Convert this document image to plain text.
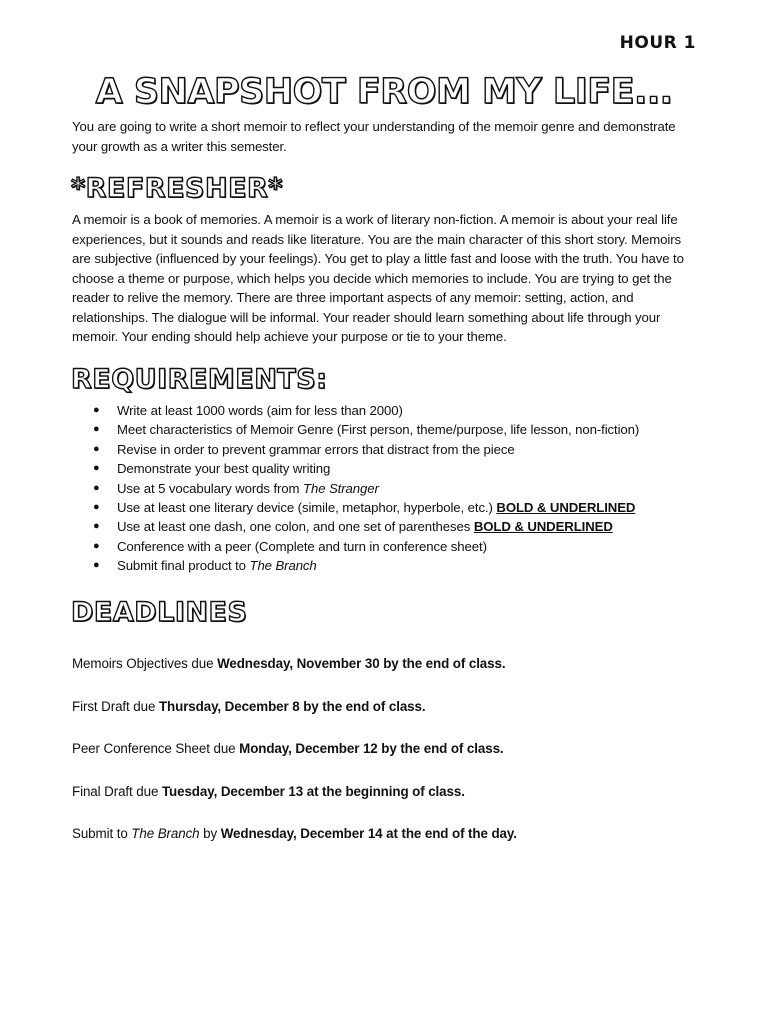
HOUR 1
A SNAPSHOT FROM MY LIFE...
You are going to write a short memoir to reflect your understanding of the memoir genre and demonstrate your growth as a writer this semester.
*REFRESHER*
A memoir is a book of memories. A memoir is a work of literary non-fiction. A memoir is about your real life experiences, but it sounds and reads like literature. You are the main character of this short story. Memoirs are subjective (influenced by your feelings). You get to play a little fast and loose with the truth. You have to choose a theme or purpose, which helps you decide which memories to include. You are trying to get the reader to relive the memory. There are three important aspects of any memoir: setting, action, and relationships. The dialogue will be informal. Your reader should learn something about life through your memoir. Your ending should help achieve your purpose or tie to your theme.
REQUIREMENTS:
● Write at least 1000 words (aim for less than 2000)
● Meet characteristics of Memoir Genre (First person, theme/purpose, life lesson, non-fiction)
● Revise in order to prevent grammar errors that distract from the piece
● Demonstrate your best quality writing
● Use at 5 vocabulary words from The Stranger
● Use at least one literary device (simile, metaphor, hyperbole, etc.) BOLD & UNDERLINED
● Use at least one dash, one colon, and one set of parentheses BOLD & UNDERLINED
● Conference with a peer (Complete and turn in conference sheet)
● Submit final product to The Branch
DEADLINES
Memoirs Objectives due Wednesday, November 30 by the end of class.
First Draft due Thursday, December 8 by the end of class.
Peer Conference Sheet due Monday, December 12 by the end of class.
Final Draft due Tuesday, December 13 at the beginning of class.
Submit to The Branch by Wednesday, December 14 at the end of the day.
